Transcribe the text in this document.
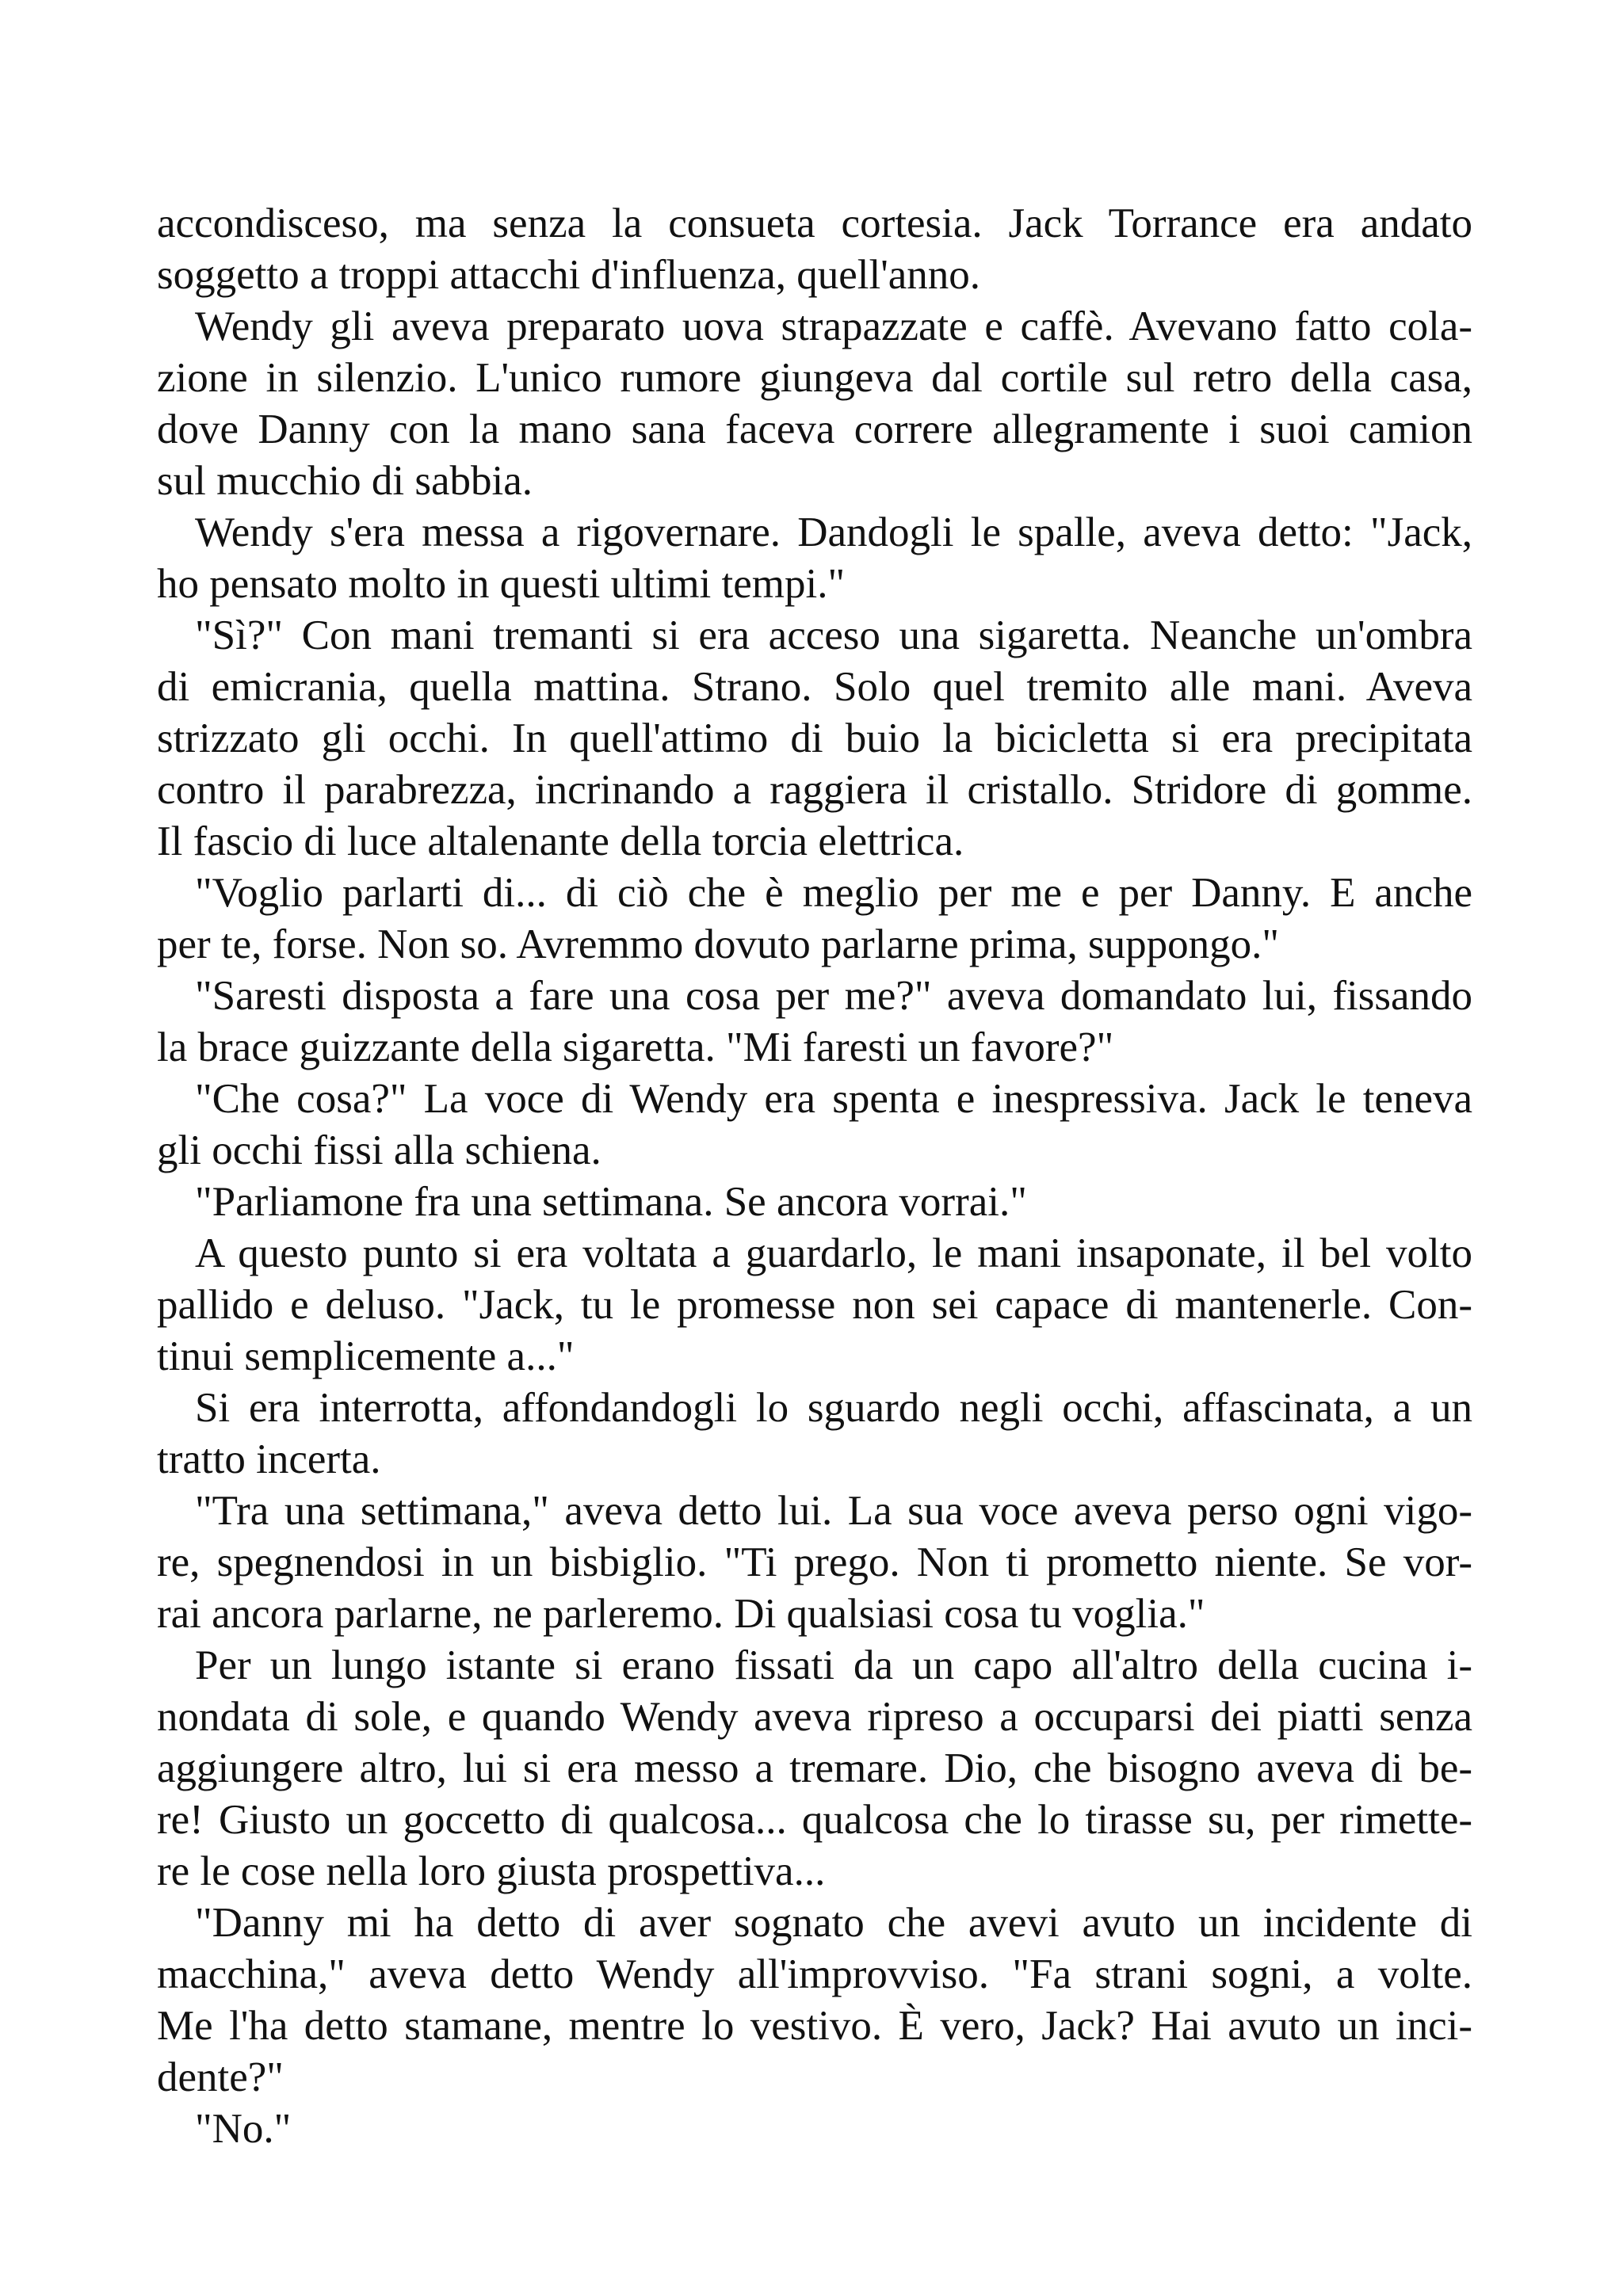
accondisceso, ma senza la consueta cortesia. Jack Torrance era andato
soggetto a troppi attacchi d'influenza, quell'anno.
Wendy gli aveva preparato uova strapazzate e caffè. Avevano fatto cola-
zione in silenzio. L'unico rumore giungeva dal cortile sul retro della casa,
dove Danny con la mano sana faceva correre allegramente i suoi camion
sul mucchio di sabbia.
Wendy s'era messa a rigovernare. Dandogli le spalle, aveva detto: "Jack,
ho pensato molto in questi ultimi tempi."
"Sì?" Con mani tremanti si era acceso una sigaretta. Neanche un'ombra
di emicrania, quella mattina. Strano. Solo quel tremito alle mani. Aveva
strizzato gli occhi. In quell'attimo di buio la bicicletta si era precipitata
contro il parabrezza, incrinando a raggiera il cristallo. Stridore di gomme.
Il fascio di luce altalenante della torcia elettrica.
"Voglio parlarti di... di ciò che è meglio per me e per Danny. E anche
per te, forse. Non so. Avremmo dovuto parlarne prima, suppongo."
"Saresti disposta a fare una cosa per me?" aveva domandato lui, fissando
la brace guizzante della sigaretta. "Mi faresti un favore?"
"Che cosa?" La voce di Wendy era spenta e inespressiva. Jack le teneva
gli occhi fissi alla schiena.
"Parliamone fra una settimana. Se ancora vorrai."
A questo punto si era voltata a guardarlo, le mani insaponate, il bel volto
pallido e deluso. "Jack, tu le promesse non sei capace di mantenerle. Con-
tinui semplicemente a..."
Si era interrotta, affondandogli lo sguardo negli occhi, affascinata, a un
tratto incerta.
"Tra una settimana," aveva detto lui. La sua voce aveva perso ogni vigo-
re, spegnendosi in un bisbiglio. "Ti prego. Non ti prometto niente. Se vor-
rai ancora parlarne, ne parleremo. Di qualsiasi cosa tu voglia."
Per un lungo istante si erano fissati da un capo all'altro della cucina i-
nondata di sole, e quando Wendy aveva ripreso a occuparsi dei piatti senza
aggiungere altro, lui si era messo a tremare. Dio, che bisogno aveva di be-
re! Giusto un goccetto di qualcosa... qualcosa che lo tirasse su, per rimette-
re le cose nella loro giusta prospettiva...
"Danny mi ha detto di aver sognato che avevi avuto un incidente di
macchina," aveva detto Wendy all'improvviso. "Fa strani sogni, a volte.
Me l'ha detto stamane, mentre lo vestivo. È vero, Jack? Hai avuto un inci-
dente?"
"No."
